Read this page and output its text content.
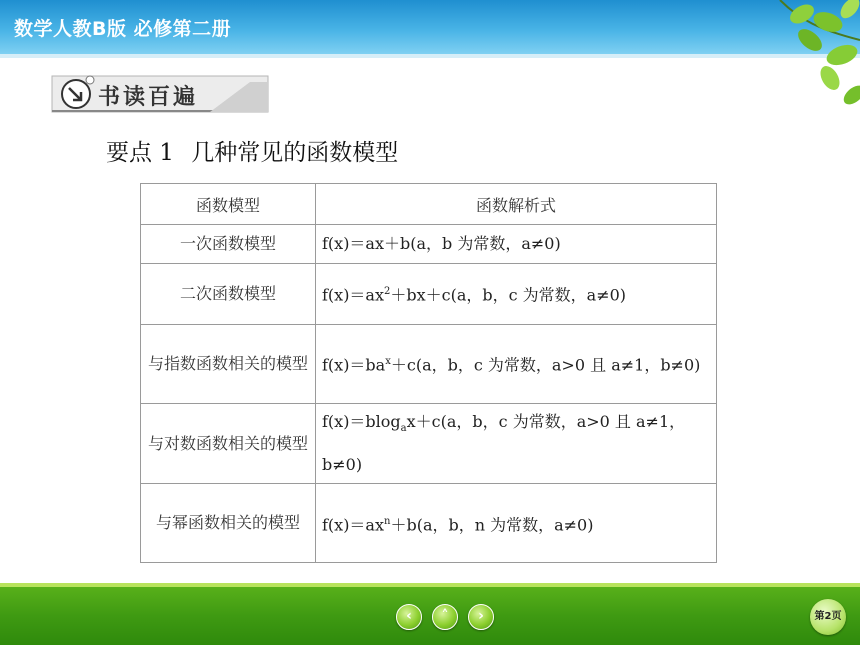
数学人教B版 必修第二册
书读百遍
要点 1 几种常见的函数模型
函数模型	函数解析式
一次函数模型	f(x)＝ax＋b(a，b 为常数，a≠0)
二次函数模型	$f(x)=ax^2+bx+c(a$，b，c 为常数，a≠0)
与指数函数相关的模型	$f(x)=ba^x+c(a$，b，c 为常数，a>0 且 a≠1，b≠0)
与对数函数相关的模型	f(x)＝blog$_a$x＋c(a，b，c 为常数，a>0 且 a≠1，b≠0)
与幂函数相关的模型	$f(x)=ax^n+b(a$，b，n 为常数，a≠0)
‹	˄	›	第2页
